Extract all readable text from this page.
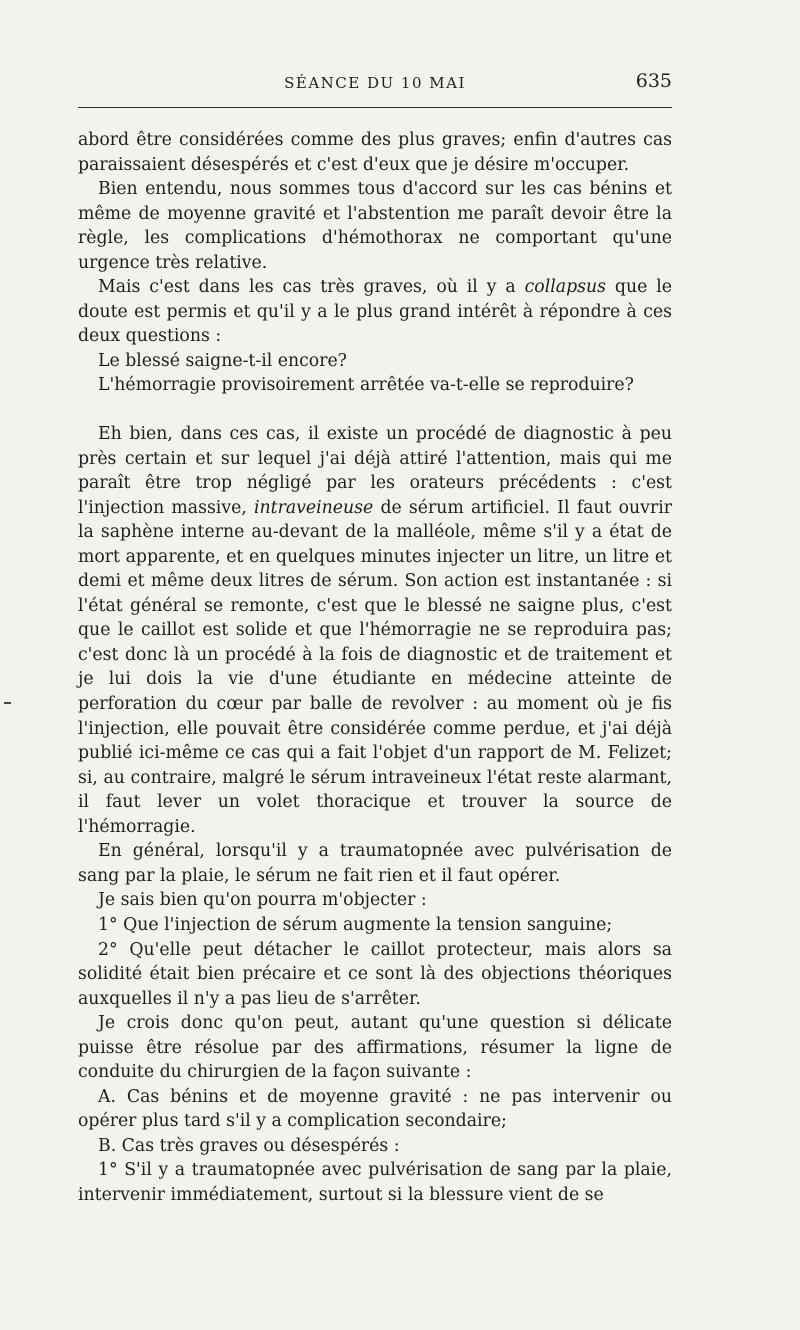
SÉANCE DU 10 MAI	635

abord être considérées comme des plus graves; enfin d'autres cas paraissaient désespérés et c'est d'eux que je désire m'occuper.

Bien entendu, nous sommes tous d'accord sur les cas bénins et même de moyenne gravité et l'abstention me paraît devoir être la règle, les complications d'hémothorax ne comportant qu'une urgence très relative.

Mais c'est dans les cas très graves, où il y a collapsus que le doute est permis et qu'il y a le plus grand intérêt à répondre à ces deux questions :

Le blessé saigne-t-il encore?

L'hémorragie provisoirement arrêtée va-t-elle se reproduire?

Eh bien, dans ces cas, il existe un procédé de diagnostic à peu près certain et sur lequel j'ai déjà attiré l'attention, mais qui me paraît être trop négligé par les orateurs précédents : c'est l'injection massive, intraveineuse de sérum artificiel. Il faut ouvrir la saphène interne au-devant de la malléole, même s'il y a état de mort apparente, et en quelques minutes injecter un litre, un litre et demi et même deux litres de sérum. Son action est instantanée : si l'état général se remonte, c'est que le blessé ne saigne plus, c'est que le caillot est solide et que l'hémorragie ne se reproduira pas; c'est donc là un procédé à la fois de diagnostic et de traitement et je lui dois la vie d'une étudiante en médecine atteinte de perforation du cœur par balle de revolver : au moment où je fis l'injection, elle pouvait être considérée comme perdue, et j'ai déjà publié ici-même ce cas qui a fait l'objet d'un rapport de M. Felizet; si, au contraire, malgré le sérum intraveineux l'état reste alarmant, il faut lever un volet thoracique et trouver la source de l'hémorragie.

En général, lorsqu'il y a traumatopnée avec pulvérisation de sang par la plaie, le sérum ne fait rien et il faut opérer.

Je sais bien qu'on pourra m'objecter :

1° Que l'injection de sérum augmente la tension sanguine;

2° Qu'elle peut détacher le caillot protecteur, mais alors sa solidité était bien précaire et ce sont là des objections théoriques auxquelles il n'y a pas lieu de s'arrêter.

Je crois donc qu'on peut, autant qu'une question si délicate puisse être résolue par des affirmations, résumer la ligne de conduite du chirurgien de la façon suivante :

A. Cas bénins et de moyenne gravité : ne pas intervenir ou opérer plus tard s'il y a complication secondaire;

B. Cas très graves ou désespérés :

1° S'il y a traumatopnée avec pulvérisation de sang par la plaie, intervenir immédiatement, surtout si la blessure vient de se
